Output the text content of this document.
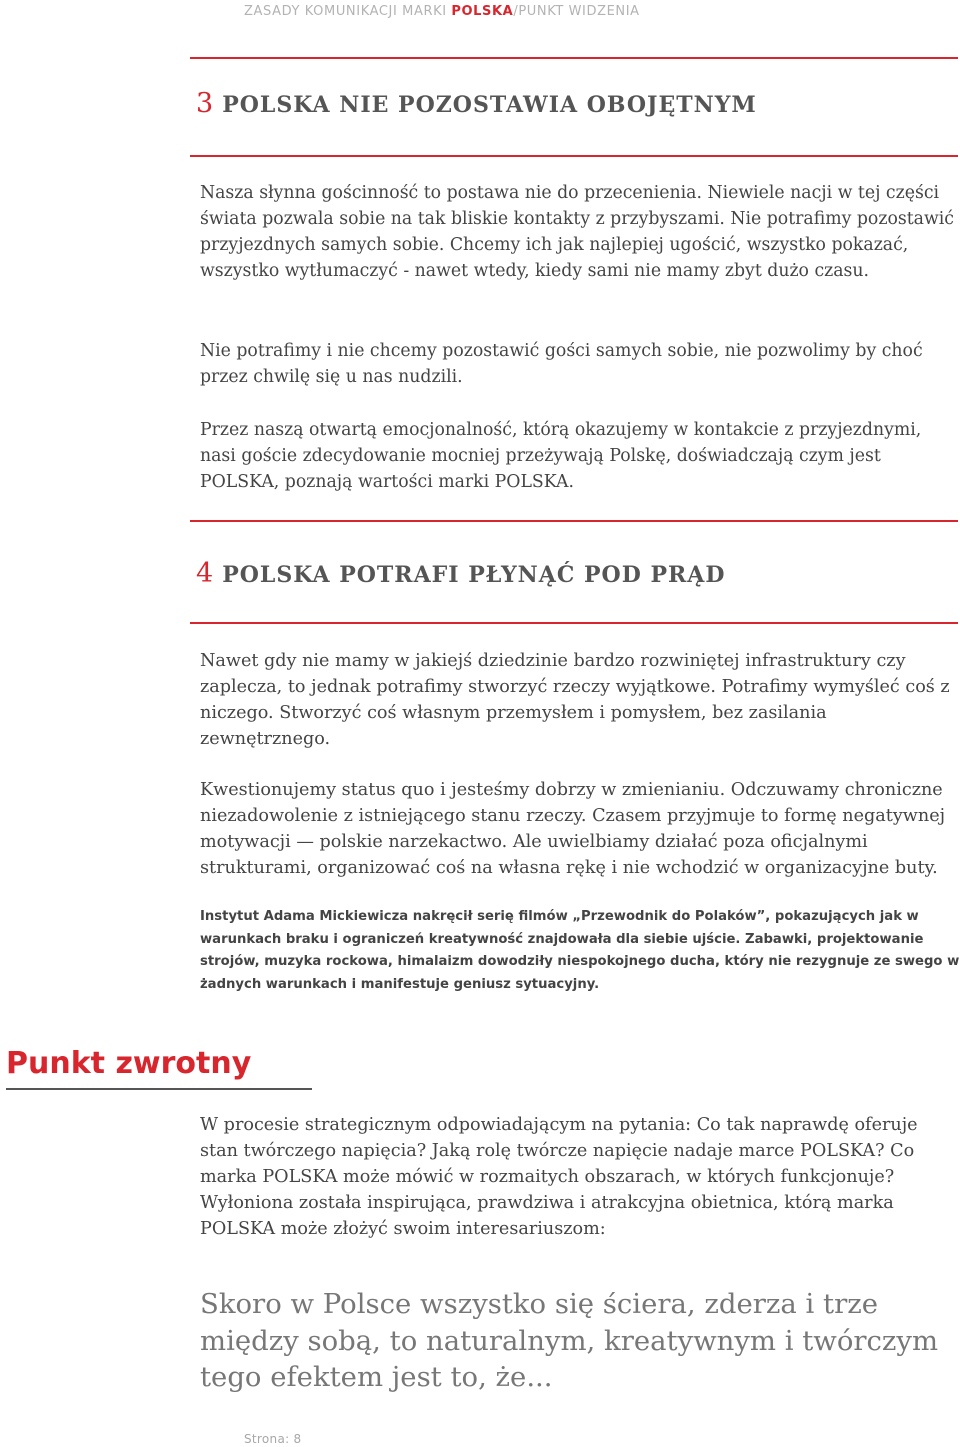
ZASADY KOMUNIKACJI MARKI POLSKA/PUNKT WIDZENIA
3 POLSKA NIE POZOSTAWIA OBOJĘTNYM

Nasza słynna gościnność to postawa nie do przecenienia. Niewiele nacji w tej części świata pozwala sobie na tak bliskie kontakty z przybyszami. Nie potrafimy pozostawić przyjezdnych samych sobie. Chcemy ich jak najlepiej ugościć, wszystko pokazać, wszystko wytłumaczyć - nawet wtedy, kiedy sami nie mamy zbyt dużo czasu.

Nie potrafimy i nie chcemy pozostawić gości samych sobie, nie pozwolimy by choć przez chwilę się u nas nudzili.

Przez naszą otwartą emocjonalność, którą okazujemy w kontakcie z przyjezdnymi, nasi goście zdecydowanie mocniej przeżywają Polskę, doświadczają czym jest POLSKA, poznają wartości marki POLSKA.

4 POLSKA POTRAFI PŁYNĄĆ POD PRĄD

Nawet gdy nie mamy w jakiejś dziedzinie bardzo rozwiniętej infrastruktury czy zaplecza, to jednak potrafimy stworzyć rzeczy wyjątkowe. Potrafimy wymyśleć coś z niczego. Stworzyć coś własnym przemysłem i pomysłem, bez zasilania zewnętrznego.

Kwestionujemy status quo i jesteśmy dobrzy w zmienianiu. Odczuwamy chroniczne niezadowolenie z istniejącego stanu rzeczy. Czasem przyjmuje to formę negatywnej motywacji — polskie narzekactwo. Ale uwielbiamy działać poza oficjalnymi strukturami, organizować coś na własna rękę i nie wchodzić w organizacyjne buty.

Instytut Adama Mickiewicza nakręcił serię filmów „Przewodnik do Polaków”, pokazujących jak w warunkach braku i ograniczeń kreatywność znajdowała dla siebie ujście. Zabawki, projektowanie strojów, muzyka rockowa, himalaizm dowodziły niespokojnego ducha, który nie rezygnuje ze swego w żadnych warunkach i manifestuje geniusz sytuacyjny.

Punkt zwrotny

W procesie strategicznym odpowiadającym na pytania: Co tak naprawdę oferuje stan twórczego napięcia? Jaką rolę twórcze napięcie nadaje marce POLSKA? Co marka POLSKA może mówić w rozmaitych obszarach, w których funkcjonuje? Wyłoniona została inspirująca, prawdziwa i atrakcyjna obietnica, którą marka POLSKA może złożyć swoim interesariuszom:

Skoro w Polsce wszystko się ściera, zderza i trze między sobą, to naturalnym, kreatywnym i twórczym tego efektem jest to, że...

Strona: 8
